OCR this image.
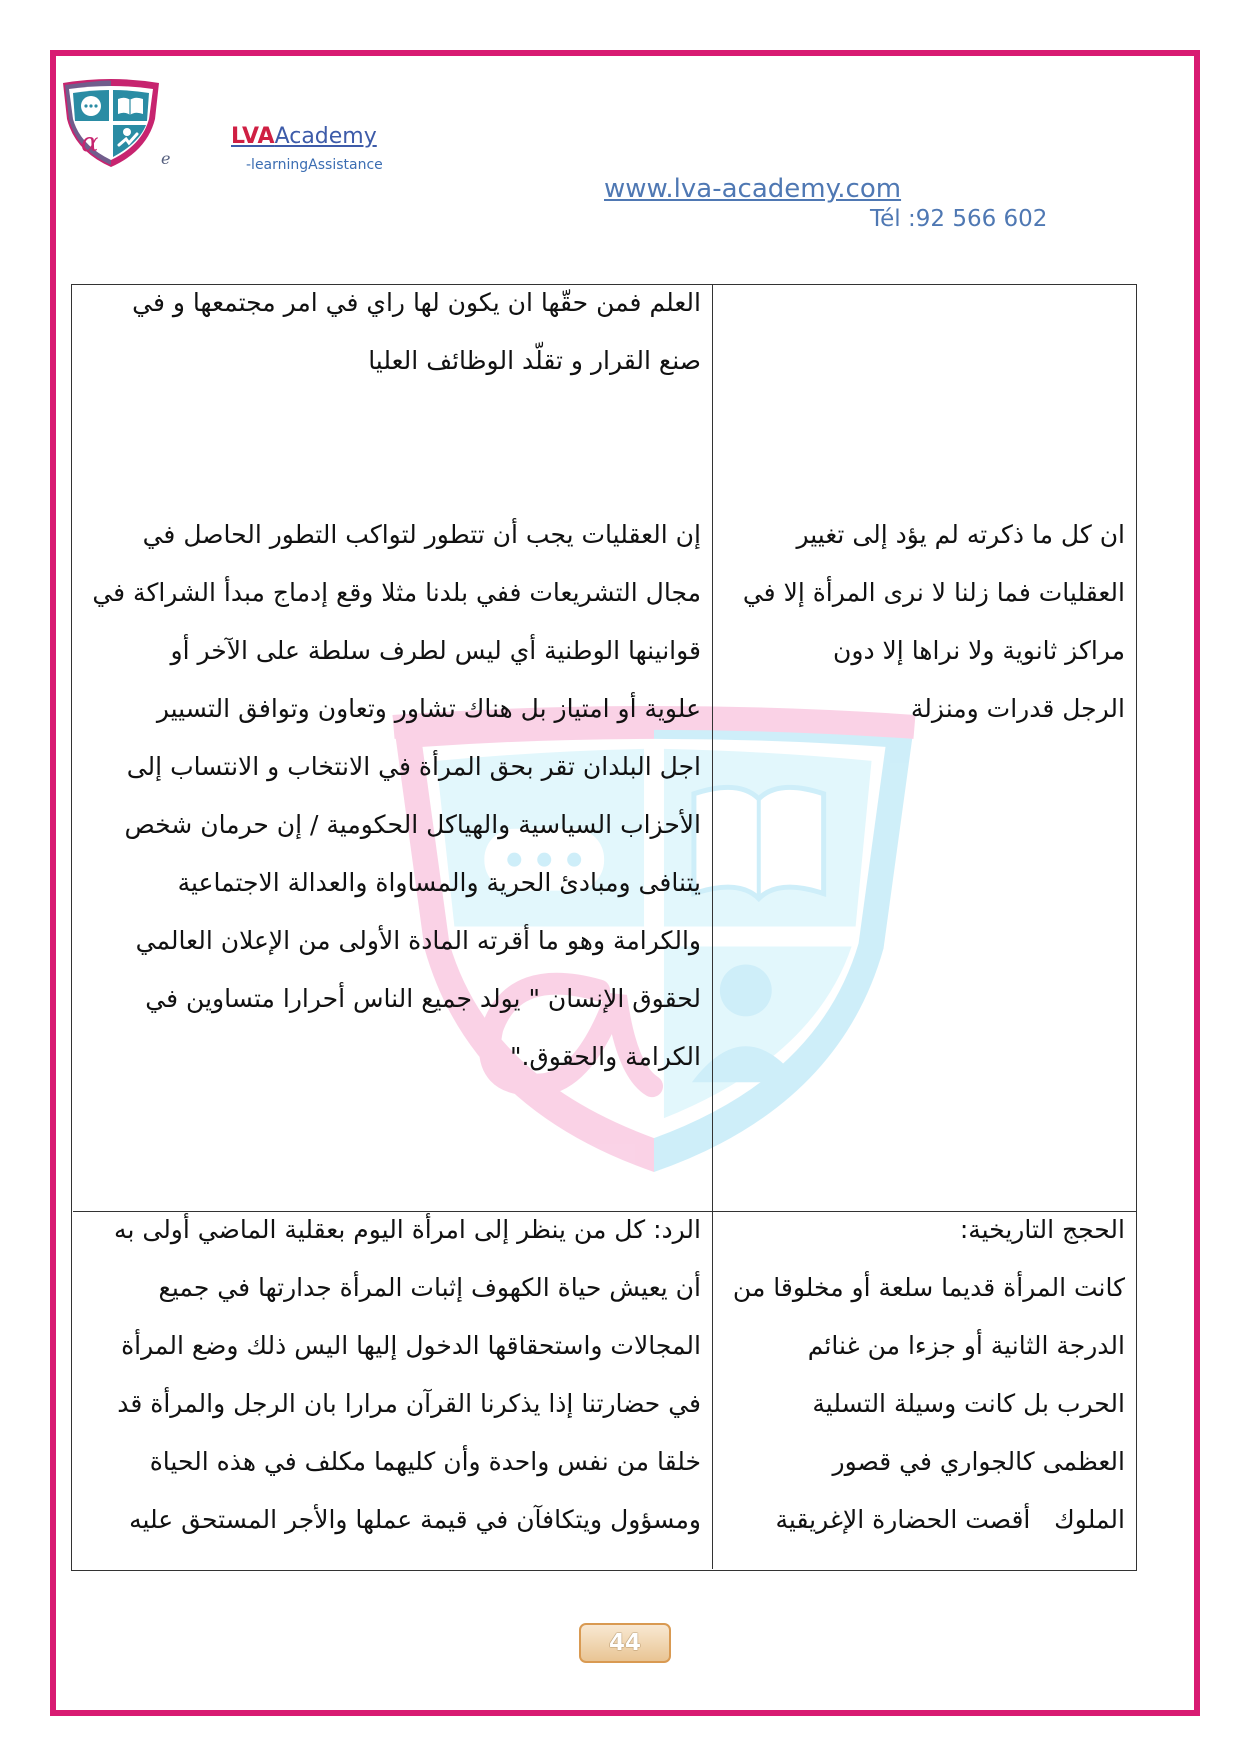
α
e
LVAAcademy
-learningAssistance
www.lva-academy.com
Tél :92 566 602
ان كل ما ذكرته لم يؤد إلى تغيير
العقليات فما زلنا لا نرى المرأة إلا في
مراكز ثانوية ولا نراها إلا دون
الرجل قدرات ومنزلة
العلم فمن حقّها ان يكون لها راي في امر مجتمعها و في
صنع القرار و تقلّد الوظائف العليا
إن العقليات يجب أن تتطور لتواكب التطور الحاصل في
مجال التشريعات ففي بلدنا مثلا وقع إدماج مبدأ الشراكة في
قوانينها الوطنية أي ليس لطرف سلطة على الآخر أو
علوية أو امتياز بل هناك تشاور وتعاون وتوافق التسيير
اجل البلدان تقر بحق المرأة في الانتخاب و الانتساب إلى
الأحزاب السياسية والهياكل الحكومية / إن حرمان شخص
يتنافى ومبادئ الحرية والمساواة والعدالة الاجتماعية
والكرامة وهو ما أقرته المادة الأولى من الإعلان العالمي
لحقوق الإنسان " يولد جميع الناس أحرارا متساوين في
الكرامة والحقوق."
الحجج التاريخية:
كانت المرأة قديما سلعة أو مخلوقا من
الدرجة الثانية أو جزءا من غنائم
الحرب بل كانت وسيلة التسلية
العظمى كالجواري في قصور
الملوك   أقصت الحضارة الإغريقية
الرد: كل من ينظر إلى امرأة اليوم بعقلية الماضي أولى به
أن يعيش حياة الكهوف إثبات المرأة جدارتها في جميع
المجالات واستحقاقها الدخول إليها اليس ذلك وضع المرأة
في حضارتنا إذا يذكرنا القرآن مرارا بان الرجل والمرأة قد
خلقا من نفس واحدة وأن كليهما مكلف في هذه الحياة
ومسؤول ويتكافآن في قيمة عملها والأجر المستحق عليه
44
